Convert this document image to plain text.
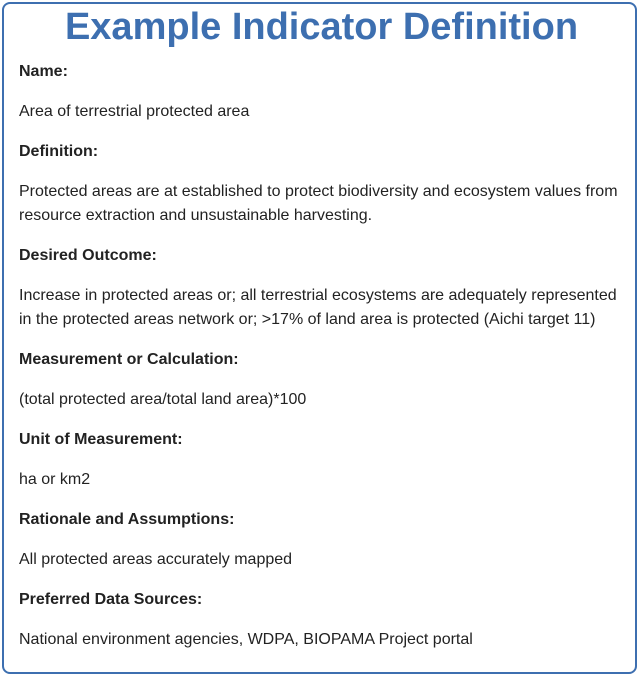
Example Indicator Definition
Name:
Area of terrestrial protected area
Definition:
Protected areas are at established to protect biodiversity and ecosystem values from resource extraction and unsustainable harvesting.
Desired Outcome:
Increase in protected areas or; all terrestrial ecosystems are adequately represented in the protected areas network or; >17% of land area is protected (Aichi target 11)
Measurement or Calculation:
(total protected area/total land area)*100
Unit of Measurement:
ha or km2
Rationale and Assumptions:
All protected areas accurately mapped
Preferred Data Sources:
National environment agencies, WDPA, BIOPAMA Project portal
